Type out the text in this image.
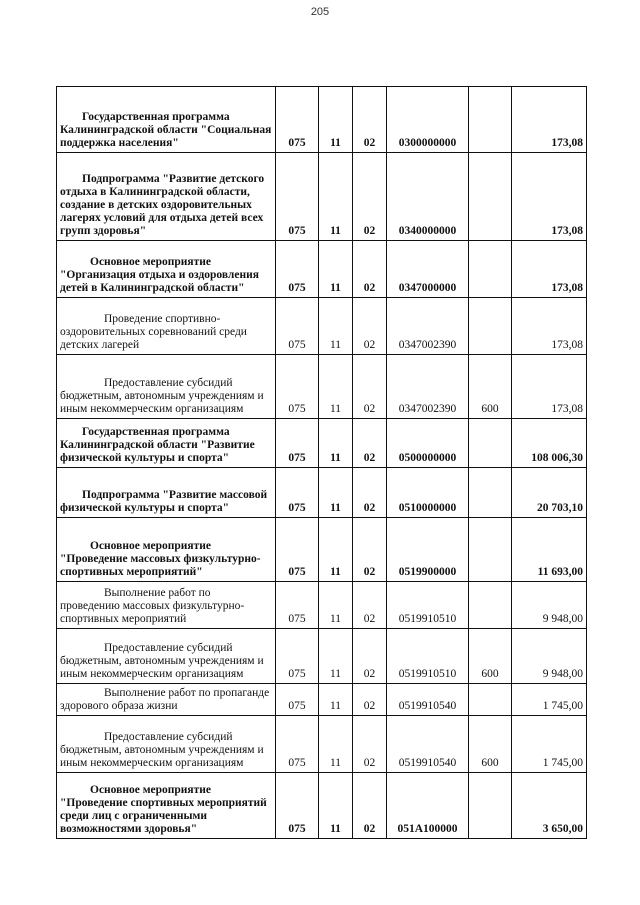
205
Государственная программа Калининградской области "Социальная поддержка населения"	075	11	02	0300000000		173,08

Подпрограмма "Развитие детского отдыха в Калининградской области, создание в детских оздоровительных лагерях условий для отдыха детей всех групп здоровья"	075	11	02	0340000000		173,08

Основное мероприятие "Организация отдыха и оздоровления детей в Калининградской области"	075	11	02	0347000000		173,08

Проведение спортивно-оздоровительных соревнований среди детских лагерей	075	11	02	0347002390		173,08

Предоставление субсидий бюджетным, автономным учреждениям и иным некоммерческим организациям	075	11	02	0347002390	600	173,08

Государственная программа Калининградской области "Развитие физической культуры и спорта"	075	11	02	0500000000		108 006,30

Подпрограмма "Развитие массовой физической культуры и спорта"	075	11	02	0510000000		20 703,10

Основное мероприятие "Проведение массовых физкультурно-спортивных мероприятий"	075	11	02	0519900000		11 693,00

Выполнение работ по проведению массовых физкультурно-спортивных мероприятий	075	11	02	0519910510		9 948,00

Предоставление субсидий бюджетным, автономным учреждениям и иным некоммерческим организациям	075	11	02	0519910510	600	9 948,00

Выполнение работ по пропаганде здорового образа жизни	075	11	02	0519910540		1 745,00

Предоставление субсидий бюджетным, автономным учреждениям и иным некоммерческим организациям	075	11	02	0519910540	600	1 745,00

Основное мероприятие "Проведение спортивных мероприятий среди лиц с ограниченными возможностями здоровья"	075	11	02	051А100000		3 650,00
